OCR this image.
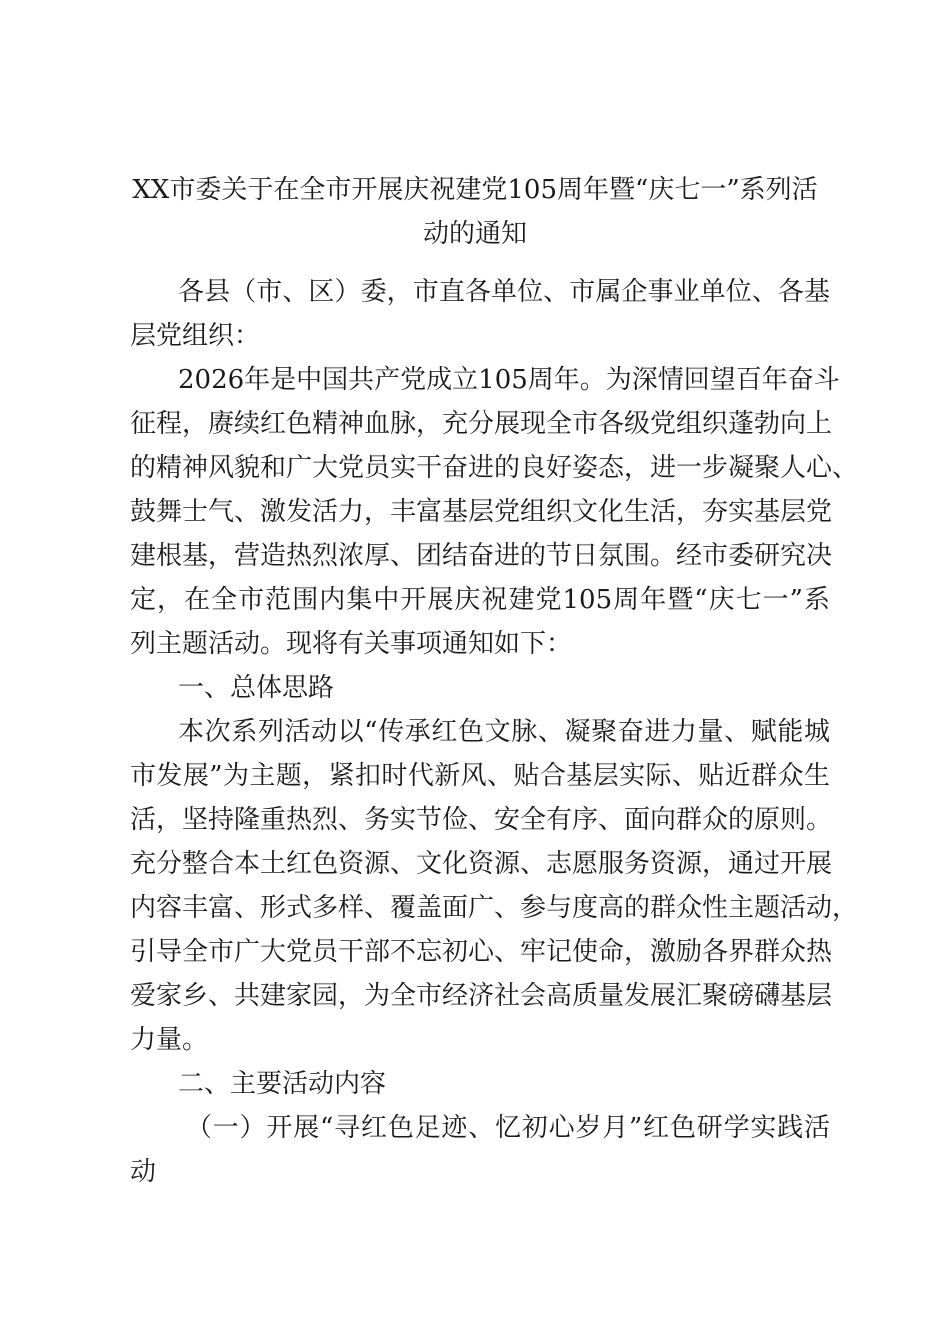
XX市委关于在全市开展庆祝建党105周年暨“庆七一”系列活
动的通知
各县（市、区）委，市直各单位、市属企事业单位、各基
层党组织：
2026年是中国共产党成立105周年。为深情回望百年奋斗
征程，赓续红色精神血脉，充分展现全市各级党组织蓬勃向上
的精神风貌和广大党员实干奋进的良好姿态，进一步凝聚人心、
鼓舞士气、激发活力，丰富基层党组织文化生活，夯实基层党
建根基，营造热烈浓厚、团结奋进的节日氛围。经市委研究决
定，在全市范围内集中开展庆祝建党105周年暨“庆七一”系
列主题活动。现将有关事项通知如下：
一、总体思路
本次系列活动以“传承红色文脉、凝聚奋进力量、赋能城
市发展”为主题，紧扣时代新风、贴合基层实际、贴近群众生
活，坚持隆重热烈、务实节俭、安全有序、面向群众的原则。
充分整合本土红色资源、文化资源、志愿服务资源，通过开展
内容丰富、形式多样、覆盖面广、参与度高的群众性主题活动，
引导全市广大党员干部不忘初心、牢记使命，激励各界群众热
爱家乡、共建家园，为全市经济社会高质量发展汇聚磅礴基层
力量。
二、主要活动内容
（一）开展“寻红色足迹、忆初心岁月”红色研学实践活
动
